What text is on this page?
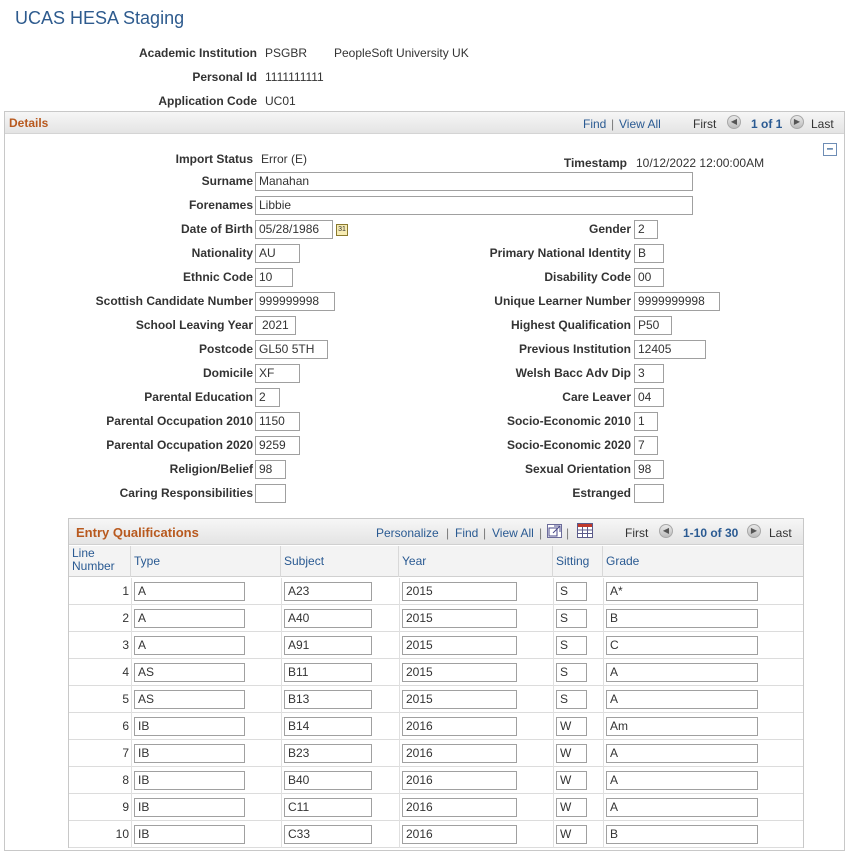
UCAS HESA Staging
Academic Institution PSGBR PeopleSoft University UK
Personal Id 1111111111
Application Code UC01
Details	Find | View All	First	◀	1 of 1	▶ Last
–
Import Status Error (E)	Timestamp 10/12/2022 12:00:00AM
Surname Manahan
Forenames Libbie
Date of Birth 05/28/1986	31	Gender 2
Nationality AU	Primary National Identity B
Ethnic Code 10	Disability Code 00
Scottish Candidate Number 999999998	Unique Learner Number 9999999998
School Leaving Year 2021	Highest Qualification P50
Postcode GL50 5TH	Previous Institution 12405
Domicile XF	Welsh Bacc Adv Dip 3
Parental Education 2	Care Leaver 04
Parental Occupation 2010 1150	Socio-Economic 2010 1
Parental Occupation 2020 9259	Socio-Economic 2020 7
Religion/Belief 98	Sexual Orientation 98
Caring Responsibilities	Estranged
Entry Qualifications	Personalize | Find | View All | |	First	◀	1-10 of 30	▶ Last
Line Number	Type	Subject	Year	Sitting	Grade
1 A	A23	2015	S	A*
2 A	A40	2015	S	B
3 A	A91	2015	S	C
4 AS	B11	2015	S	A
5 AS	B13	2015	S	A
6 IB	B14	2016	W	Am
7 IB	B23	2016	W	A
8 IB	B40	2016	W	A
9 IB	C11	2016	W	A
10 IB	C33	2016	W	B
